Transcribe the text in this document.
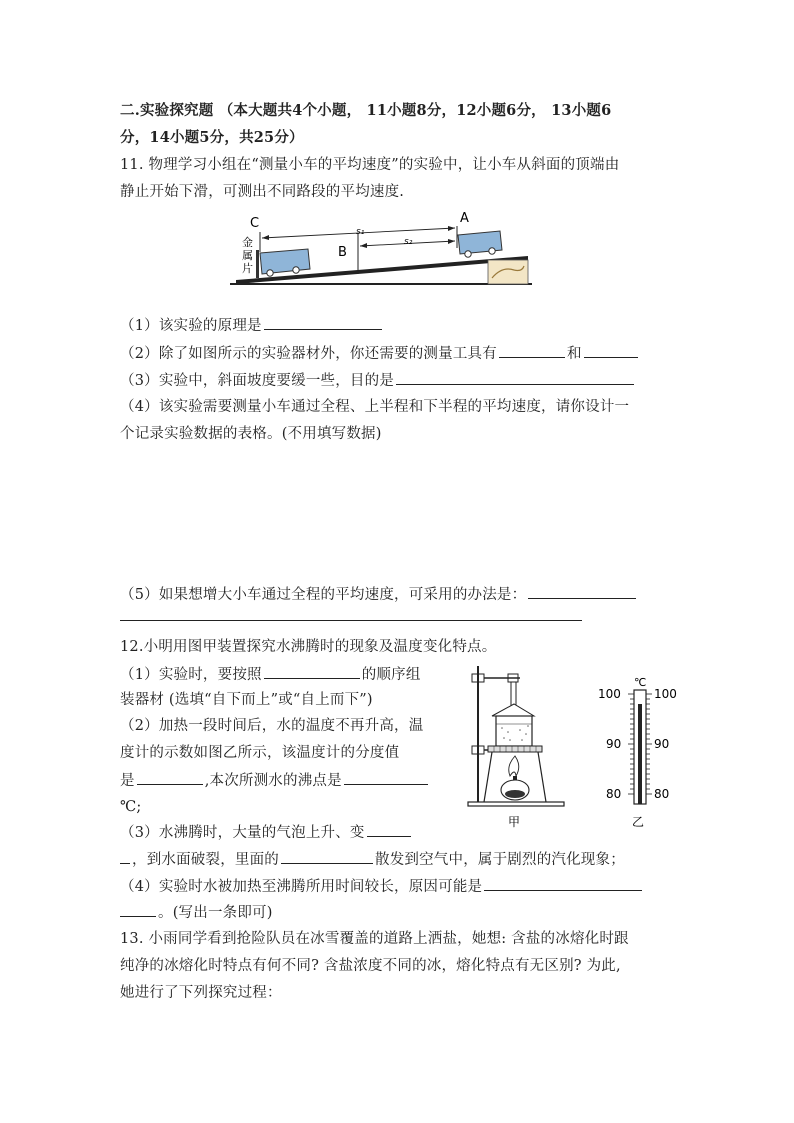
二.实验探究题 （本大题共4个小题， 11小题8分，12小题6分， 13小题6
分，14小题5分，共25分）
11. 物理学习小组在“测量小车的平均速度”的实验中，让小车从斜面的顶端由
静止开始下滑，可测出不同路段的平均速度.
C	A
B
s₁
s₂
金
属
片
（1）该实验的原理是
（2）除了如图所示的实验器材外，你还需要的测量工具有	和
（3）实验中，斜面坡度要缓一些，目的是
（4）该实验需要测量小车通过全程、上半程和下半程的平均速度，请你设计一
个记录实验数据的表格。(不用填写数据)
（5）如果想增大小车通过全程的平均速度，可采用的办法是：
12.小明用图甲装置探究水沸腾时的现象及温度变化特点。
（1）实验时，要按照	的顺序组
装器材 (选填“自下而上”或“自上而下”)
（2）加热一段时间后，水的温度不再升高，温
度计的示数如图乙所示，该温度计的分度值
是	,本次所测水的沸点是
℃;
甲
℃
100	100
90	90
80	80
乙
（3）水沸腾时，大量的气泡上升、变
，到水面破裂，里面的	散发到空气中，属于剧烈的汽化现象；
（4）实验时水被加热至沸腾所用时间较长，原因可能是
。(写出一条即可)
13. 小雨同学看到抢险队员在冰雪覆盖的道路上洒盐，她想: 含盐的冰熔化时跟
纯净的冰熔化时特点有何不同? 含盐浓度不同的冰，熔化特点有无区别? 为此,
她进行了下列探究过程：
